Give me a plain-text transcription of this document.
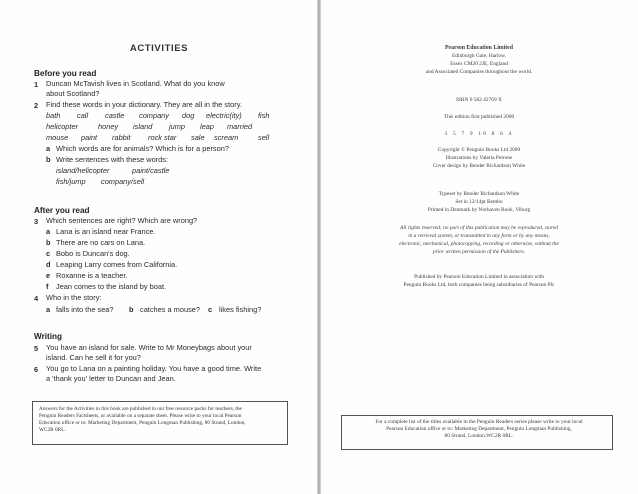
ACTIVITIES
Before you read
1 Duncan McTavish lives in Scotland. What do you know
about Scotland?
2 Find these words in your dictionary. They are all in the story.
bath call castle company dog electric(ity) fish
helicopter	honey island jump leap married
mouse paint rabbit rock star sale scream	sell
a Which words are for animals? Which is for a person?
b Write sentences with these words:
island/helicopter	paint/castle
fish/jump company/sell
After you read
3 Which sentences are right? Which are wrong?
a Lana is an island near France.
b There are no cars on Lana.
c Bobo is Duncan's dog.
d Leaping Larry comes from California.
e Roxanne is a teacher.
f Jean comes to the island by boat.
4 Who in the story:
a falls into the sea? b catches a mouse? c likes fishing?
Writing
5 You have an island for sale. Write to Mr Moneybags about your
island. Can he sell it for you?
6 You go to Lana on a painting holiday. You have a good time. Write
a 'thank you' letter to Duncan and Jean.
Answers for the Activities in this book are published in our free resource packs for teachers, the
Penguin Readers Factsheets, or available on a separate sheet. Please write to your local Pearson
Education office or to: Marketing Department, Penguin Longman Publishing, 80 Strand, London,
WC2R 0RL.
Pearson Education Limited
Edinburgh Gate, Harlow,
Essex CM20 2JE, England
and Associated Companies throughout the world.
ISBN 0 582 42769 X
This edition first published 2000
3 5 7 9 10 8 6 4
Copyright © Penguin Books Ltd 2000
Illustrations by Valeria Petrone
Cover design by Bender Richardson White
Typeset by Bender Richardson White
Set in 12/14pt Bembo
Printed in Denmark by Norhaven Book, Viborg
All rights reserved; no part of this publication may be reproduced, stored
in a retrieval system, or transmitted in any form or by any means,
electronic, mechanical, photocopying, recording or otherwise, without the
prior written permission of the Publishers.
Published by Pearson Education Limited in association with
Penguin Books Ltd, both companies being subsidiaries of Pearson Plc
For a complete list of the titles available in the Penguin Readers series please write to your local
Pearson Education office or to: Marketing Department, Penguin Longman Publishing,
80 Strand, London,WC2R 0RL.
